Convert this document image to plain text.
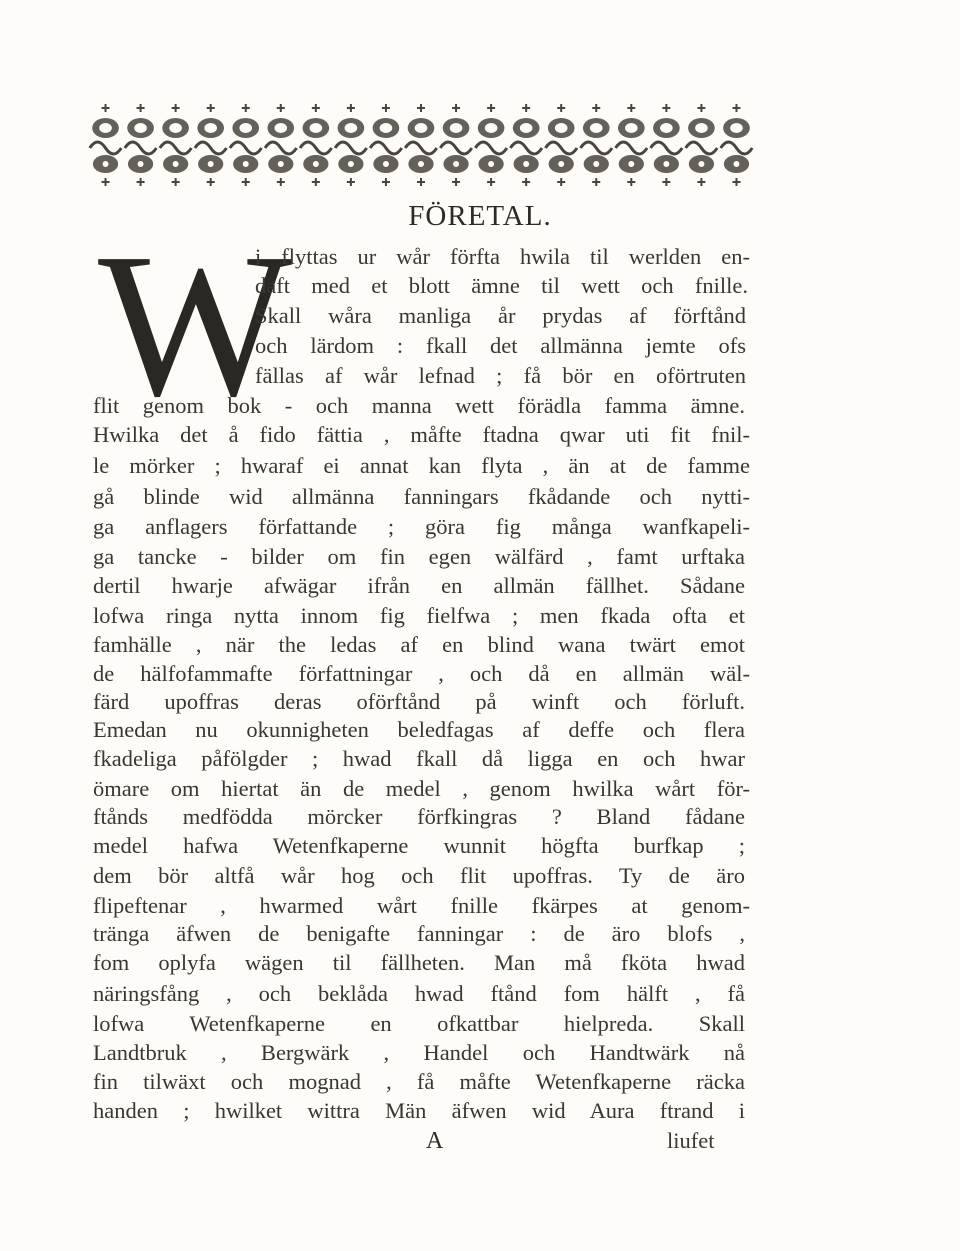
FÖRETAL.
W
i flyttas ur wår förfta hwila til werlden en-
daft med et blott ämne til wett och fnille.
Skall wåra manliga år prydas af förftånd
och lärdom : fkall det allmänna jemte ofs
fällas af wår lefnad ; få bör en oförtruten
flit genom bok - och manna wett förädla famma ämne.
Hwilka det å fido fättia , måfte ftadna qwar uti fit fnil-
le mörker ; hwaraf ei annat kan flyta , än at de famme
gå blinde wid allmänna fanningars fkådande och nytti-
ga anflagers författande ; göra fig många wanfkapeli-
ga tancke - bilder om fin egen wälfärd , famt urftaka
dertil hwarje afwägar ifrån en allmän fällhet. Sådane
lofwa ringa nytta innom fig fielfwa ; men fkada ofta et
famhälle , när the ledas af en blind wana twärt emot
de hälfofammafte författningar , och då en allmän wäl-
färd upoffras deras oförftånd på winft och förluft.
Emedan nu okunnigheten beledfagas af deffe och flera
fkadeliga påfölgder ; hwad fkall då ligga en och hwar
ömare om hiertat än de medel , genom hwilka wårt för-
ftånds medfödda mörcker förfkingras ? Bland fådane
medel hafwa Wetenfkaperne wunnit högfta burfkap ;
dem bör altfå wår hog och flit upoffras. Ty de äro
flipeftenar , hwarmed wårt fnille fkärpes at genom-
tränga äfwen de benigafte fanningar : de äro blofs ,
fom oplyfa wägen til fällheten. Man må fköta hwad
näringsfång , och beklåda hwad ftånd fom hälft , få
lofwa Wetenfkaperne en ofkattbar hielpreda. Skall
Landtbruk , Bergwärk , Handel och Handtwärk nå
fin tilwäxt och mognad , få måfte Wetenfkaperne räcka
handen ; hwilket wittra Män äfwen wid Aura ftrand i
A	liufet
